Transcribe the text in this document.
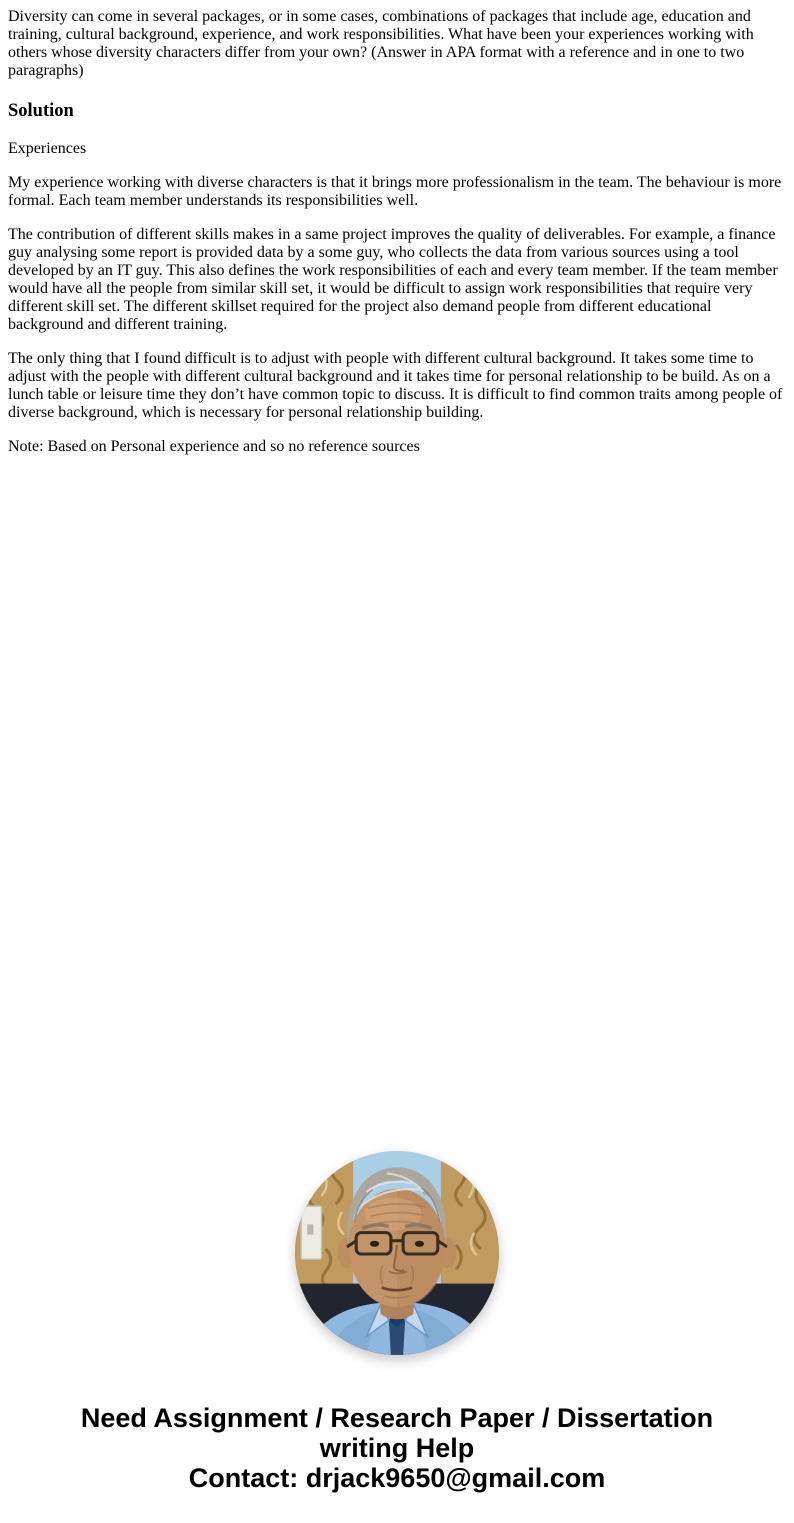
Diversity can come in several packages, or in some cases, combinations of packages that include age, education and training, cultural background, experience, and work responsibilities. What have been your experiences working with others whose diversity characters differ from your own? (Answer in APA format with a reference and in one to two paragraphs)

Solution

Experiences

My experience working with diverse characters is that it brings more professionalism in the team. The behaviour is more formal. Each team member understands its responsibilities well.

The contribution of different skills makes in a same project improves the quality of deliverables. For example, a finance guy analysing some report is provided data by a some guy, who collects the data from various sources using a tool developed by an IT guy. This also defines the work responsibilities of each and every team member. If the team member would have all the people from similar skill set, it would be difficult to assign work responsibilities that require very different skill set. The different skillset required for the project also demand people from different educational background and different training.

The only thing that I found difficult is to adjust with people with different cultural background. It takes some time to adjust with the people with different cultural background and it takes time for personal relationship to be build. As on a lunch table or leisure time they don’t have common topic to discuss. It is difficult to find common traits among people of diverse background, which is necessary for personal relationship building.

Note: Based on Personal experience and so no reference sources

Need Assignment / Research Paper / Dissertation
writing Help
Contact: drjack9650@gmail.com
